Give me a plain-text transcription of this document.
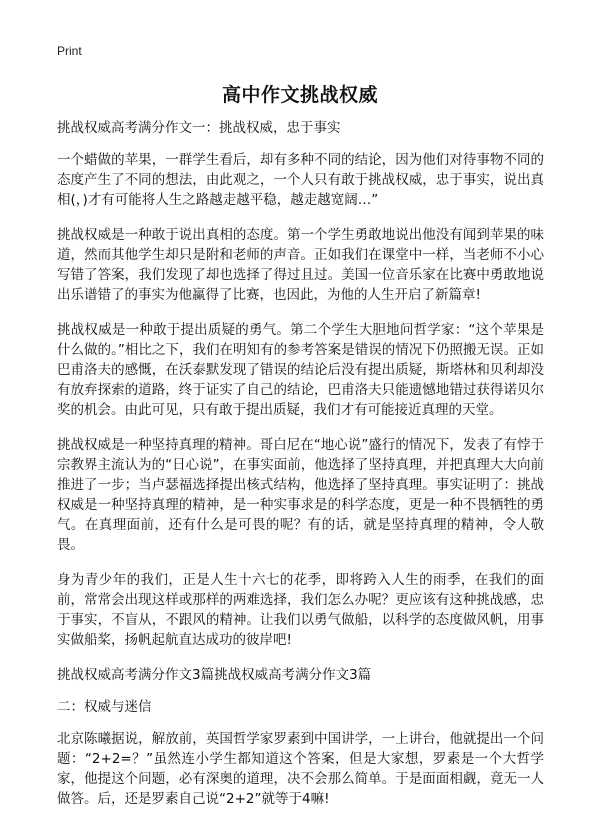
Print

高中作文挑战权威

挑战权威高考满分作文一：挑战权威，忠于事实

一个蜡做的苹果，一群学生看后，却有多种不同的结论，因为他们对待事物不同的态度产生了不同的想法，由此观之，一个人只有敢于挑战权威，忠于事实，说出真相(，)才有可能将人生之路越走越平稳，越走越宽阔…”

挑战权威是一种敢于说出真相的态度。第一个学生勇敢地说出他没有闻到苹果的味道，然而其他学生却只是附和老师的声音。正如我们在课堂中一样，当老师不小心写错了答案，我们发现了却也选择了得过且过。美国一位音乐家在比赛中勇敢地说出乐谱错了的事实为他赢得了比赛，也因此，为他的人生开启了新篇章!

挑战权威是一种敢于提出质疑的勇气。第二个学生大胆地问哲学家：“这个苹果是什么做的。”相比之下，我们在明知有的参考答案是错误的情况下仍照搬无误。正如巴甫洛夫的感慨，在沃泰默发现了错误的结论后没有提出质疑，斯塔林和贝利却没有放弃探索的道路，终于证实了自己的结论，巴甫洛夫只能遗憾地错过获得诺贝尔奖的机会。由此可见，只有敢于提出质疑，我们才有可能接近真理的天堂。

挑战权威是一种坚持真理的精神。哥白尼在“地心说”盛行的情况下，发表了有悖于宗教界主流认为的“日心说”，在事实面前，他选择了坚持真理，并把真理大大向前推进了一步；当卢瑟福选择提出核式结构，他选择了坚持真理。事实证明了：挑战权威是一种坚持真理的精神，是一种实事求是的科学态度，更是一种不畏牺牲的勇气。在真理面前，还有什么是可畏的呢？有的话，就是坚持真理的精神，令人敬畏。

身为青少年的我们，正是人生十六七的花季，即将跨入人生的雨季，在我们的面前，常常会出现这样或那样的两难选择，我们怎么办呢？更应该有这种挑战感，忠于事实，不盲从，不跟风的精神。让我们以勇气做船，以科学的态度做风帆，用事实做船桨，扬帆起航直达成功的彼岸吧!

挑战权威高考满分作文3篇挑战权威高考满分作文3篇

二：权威与迷信

北京陈曦据说，解放前，英国哲学家罗素到中国讲学，一上讲台，他就提出一个问题：“2+2=？”虽然连小学生都知道这个答案，但是大家想，罗素是一个大哲学家，他提这个问题，必有深奥的道理，决不会那么简单。于是面面相觑，竟无一人做答。后，还是罗素自己说“2+2”就等于4嘛!
